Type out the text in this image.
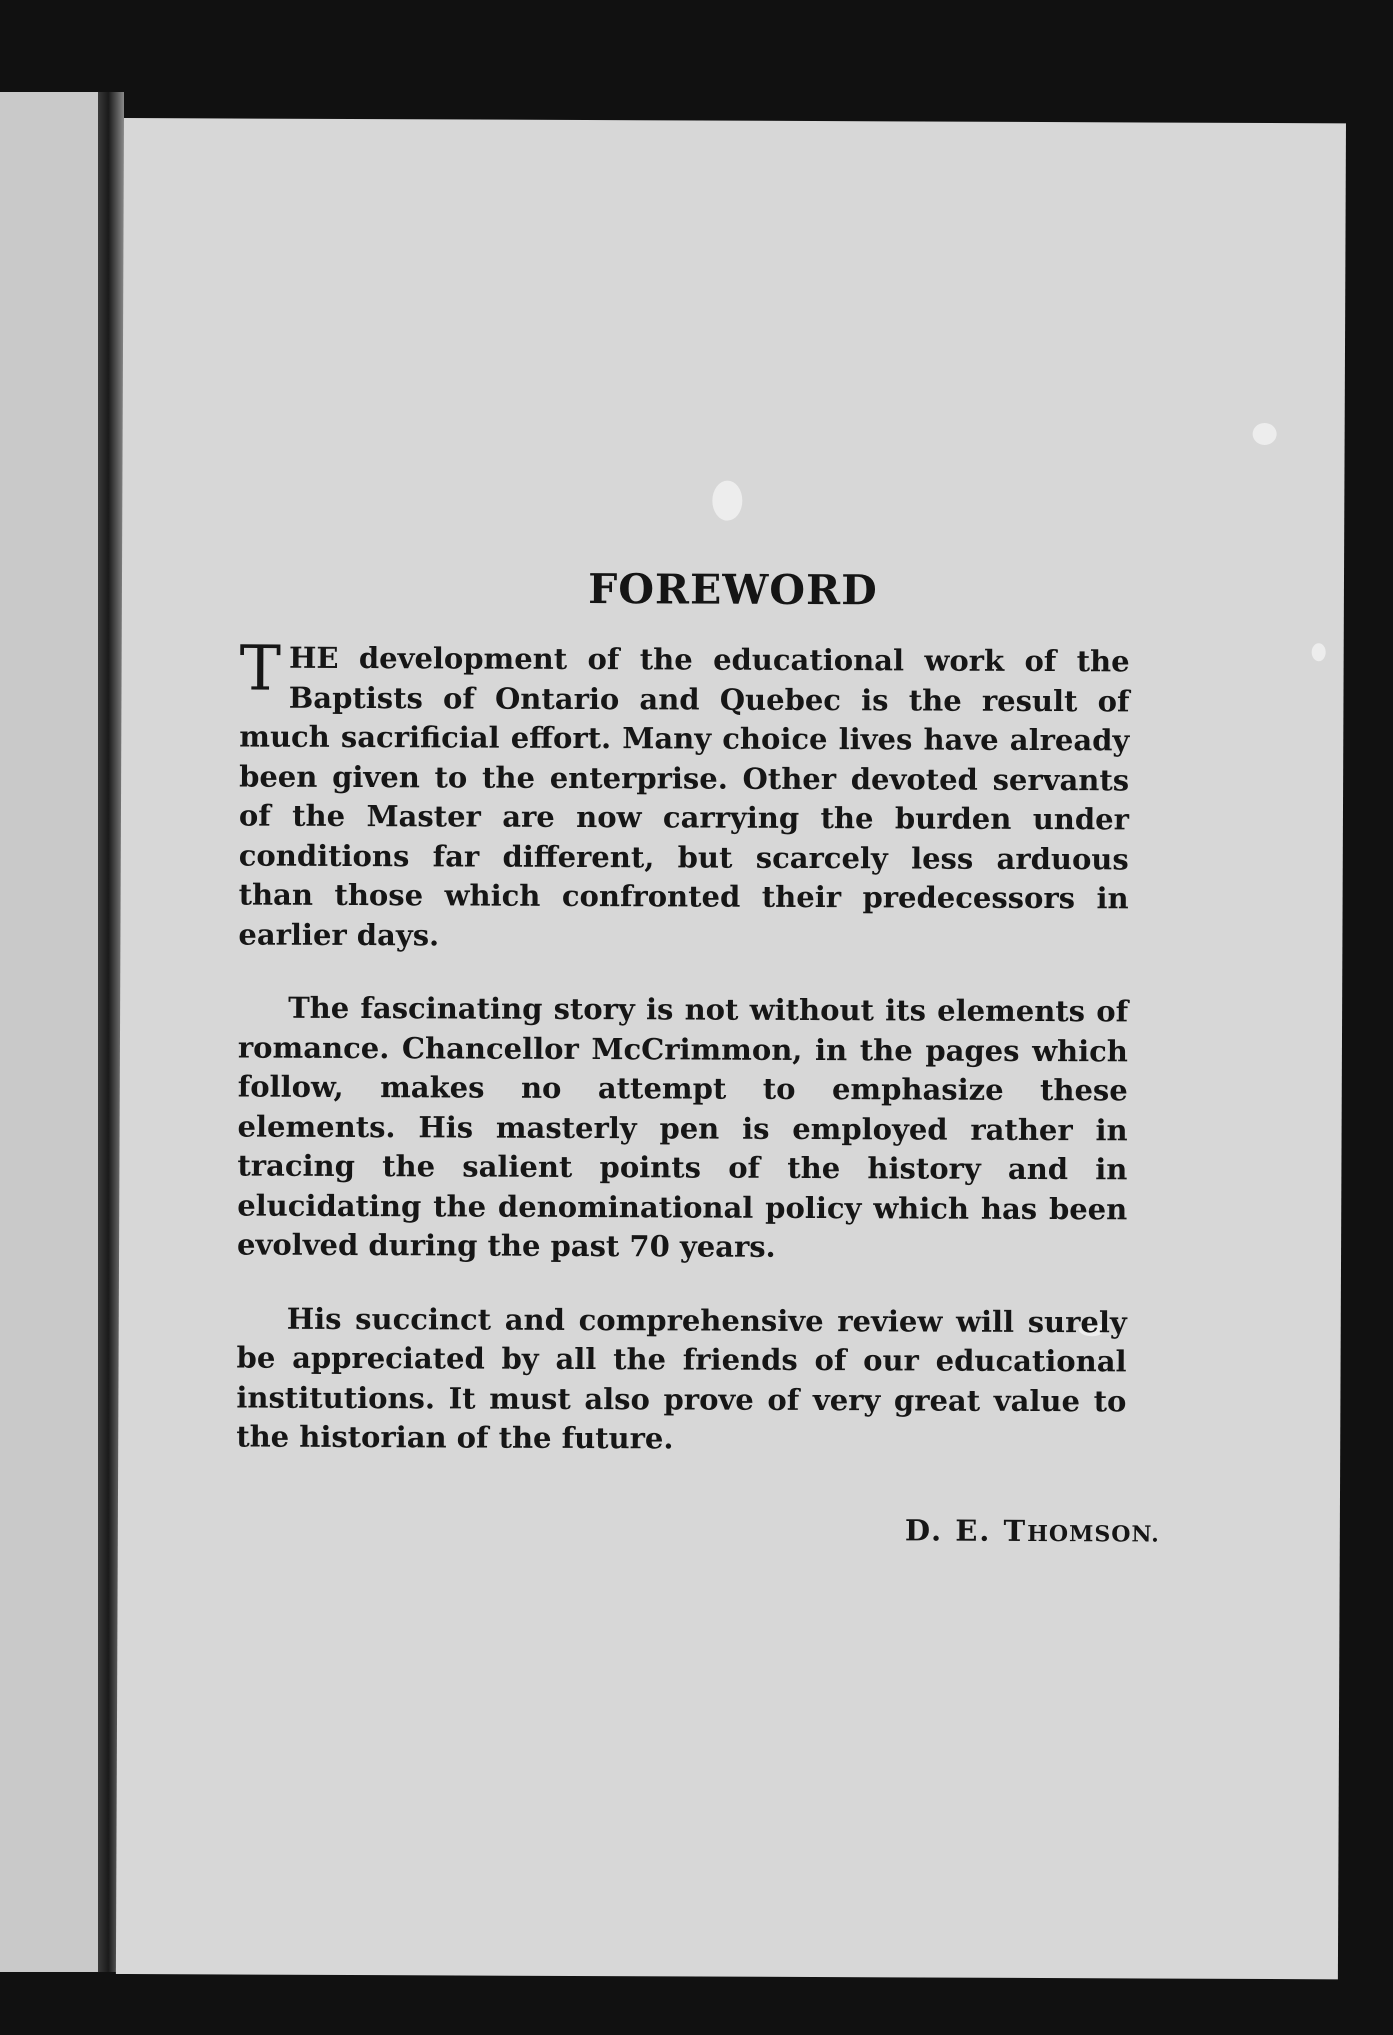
FOREWORD

THE development of the educational work of the Baptists of Ontario and Quebec is the result of much sacrificial effort. Many choice lives have already been given to the enterprise. Other devoted servants of the Master are now carrying the burden under conditions far different, but scarcely less arduous than those which confronted their predecessors in earlier days.

The fascinating story is not without its elements of romance. Chancellor McCrimmon, in the pages which follow, makes no attempt to emphasize these elements. His masterly pen is employed rather in tracing the salient points of the history and in elucidating the denominational policy which has been evolved during the past 70 years.

His succinct and comprehensive review will surely be appreciated by all the friends of our educational institutions. It must also prove of very great value to the historian of the future.

D. E. THOMSON.
